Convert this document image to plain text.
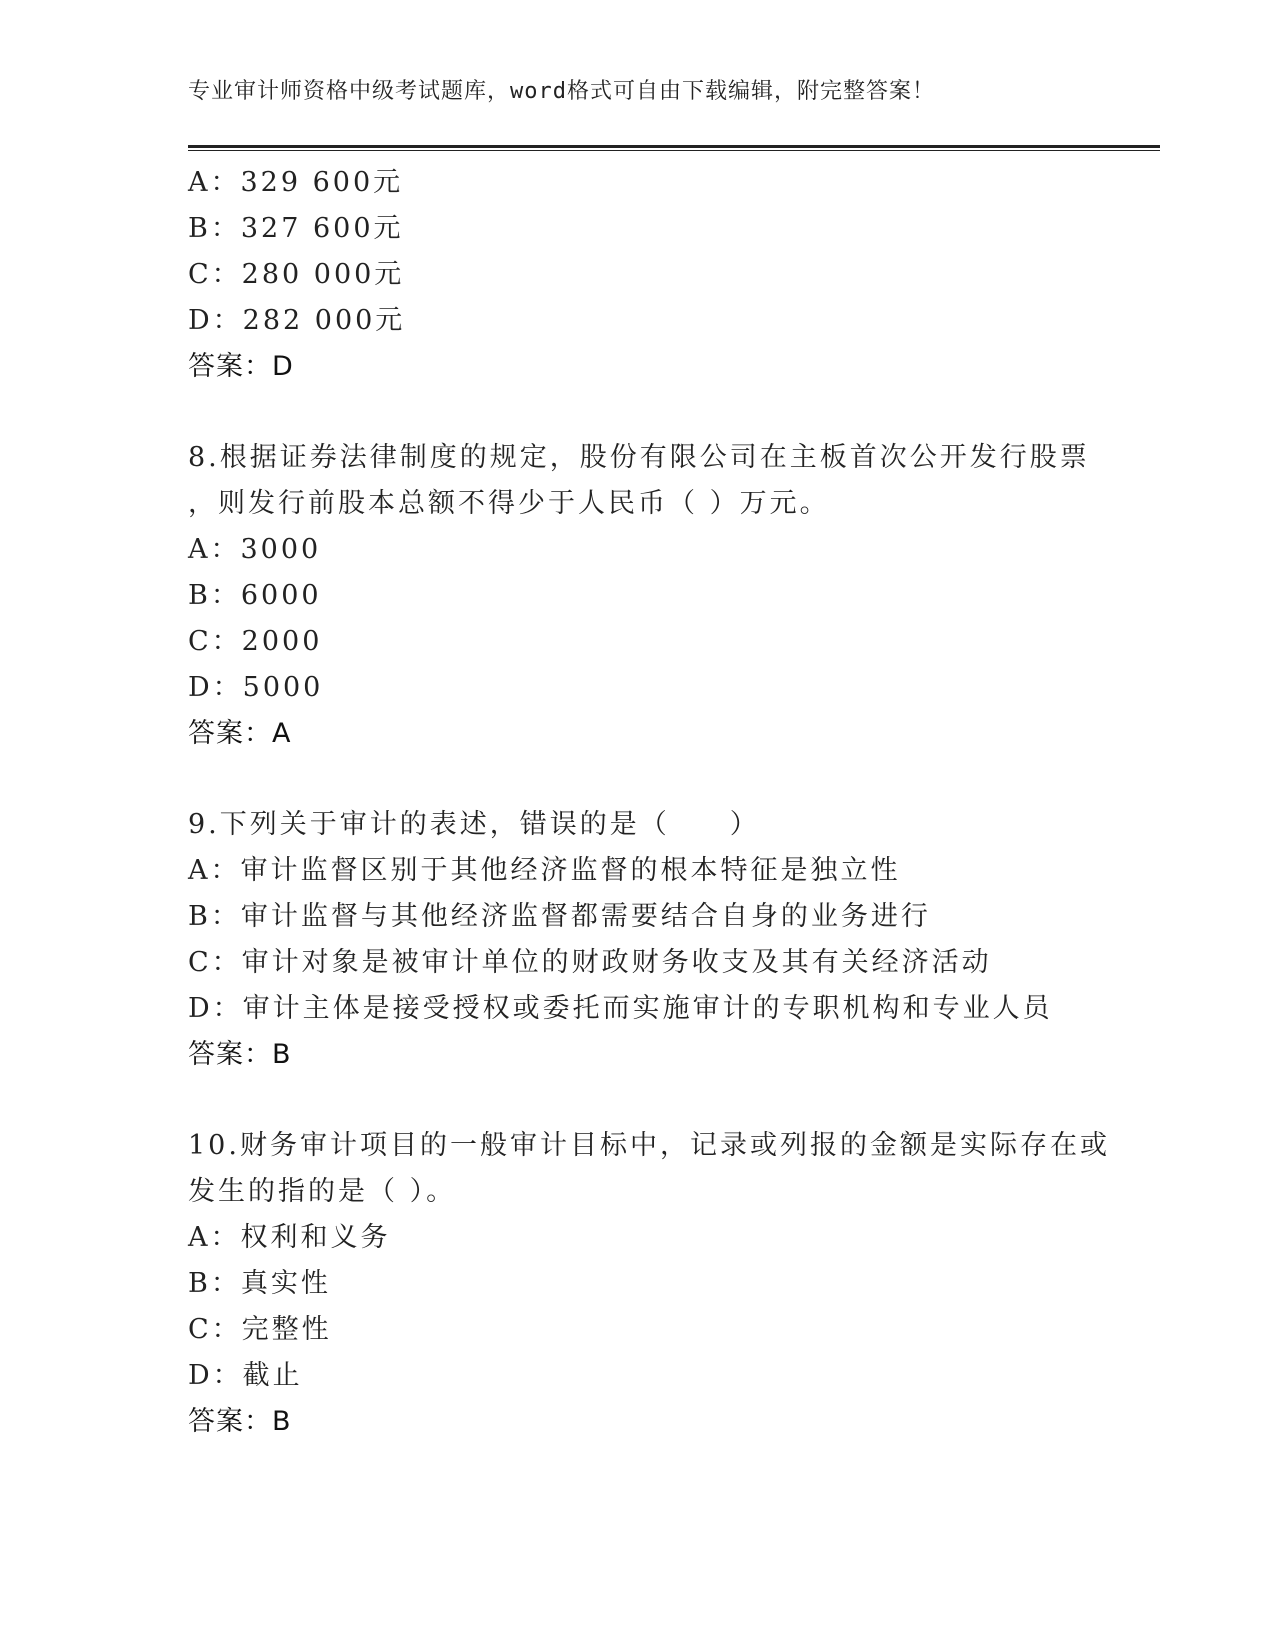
专业审计师资格中级考试题库，word格式可自由下载编辑，附完整答案！
A：329 600元
B：327 600元
C：280 000元
D：282 000元
答案：D
8.根据证券法律制度的规定，股份有限公司在主板首次公开发行股票
，则发行前股本总额不得少于人民币（ ）万元。
A：3000
B：6000
C：2000
D：5000
答案：A
9.下列关于审计的表述，错误的是（　　）
A：审计监督区别于其他经济监督的根本特征是独立性
B：审计监督与其他经济监督都需要结合自身的业务进行
C：审计对象是被审计单位的财政财务收支及其有关经济活动
D：审计主体是接受授权或委托而实施审计的专职机构和专业人员
答案：B
10.财务审计项目的一般审计目标中，记录或列报的金额是实际存在或
发生的指的是（ ）。
A：权利和义务
B：真实性
C：完整性
D：截止
答案：B
